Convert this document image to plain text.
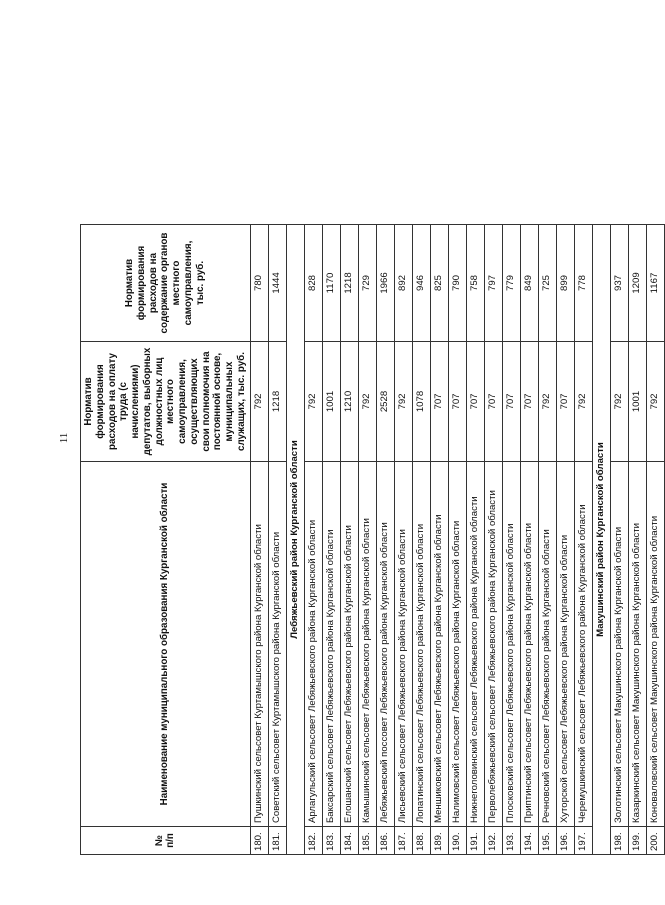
11
№ п/п	Наименование муниципального образования Курганской области	Норматив формирования расходов на оплату труда (с начислениями) депутатов, выборных должностных лиц местного самоуправления, осуществляющих свои полномочия на постоянной основе, муниципальных служащих, тыс. руб.	Норматив формирования расходов на содержание органов местного самоуправления, тыс. руб.
180.	Пушкинский сельсовет Куртамышского района Курганской области	792	780
181.	Советский сельсовет Куртамышского района Курганской области	1218	1444
Лебяжьевский район Курганской области			
182.	Арлагульский сельсовет Лебяжьевского района Курганской области	792	828
183.	Баксарский сельсовет Лебяжьевского района Курганской области	1001	1170
184.	Елошанский сельсовет Лебяжьевского района Курганской области	1210	1218
185.	Камышинский сельсовет Лебяжьевского района Курганской области	792	729
186.	Лебяжьевский поссовет Лебяжьевского района Курганской области	2528	1966
187.	Лисьевский сельсовет Лебяжьевского района Курганской области	792	892
188.	Лопатинский сельсовет Лебяжьевского района Курганской области	1078	946
189.	Меншиковский сельсовет Лебяжьевского района Курганской области	707	825
190.	Налимовский сельсовет Лебяжьевского района Курганской области	707	790
191.	Нижнеголовинский сельсовет Лебяжьевского района Курганской области	707	758
192.	Перволебяжьевский сельсовет Лебяжьевского района Курганской области	707	797
193.	Плосковский сельсовет Лебяжьевского района Курганской области	707	779
194.	Приптинский сельсовет Лебяжьевского района Курганской области	707	849
195.	Речновский сельсовет Лебяжьевского района Курганской области	792	725
196.	Хуторской сельсовет Лебяжьевского района Курганской области	707	899
197.	Черемушкинский сельсовет Лебяжьевского района Курганской области	792	778
Макушинский район Курганской области			
198.	Золотинский сельсовет Макушинского района Курганской области	792	937
199.	Казаркинский сельсовет Макушинского района Курганской области	1001	1209
200.	Коноваловский сельсовет Макушинского района Курганской области	792	1167
